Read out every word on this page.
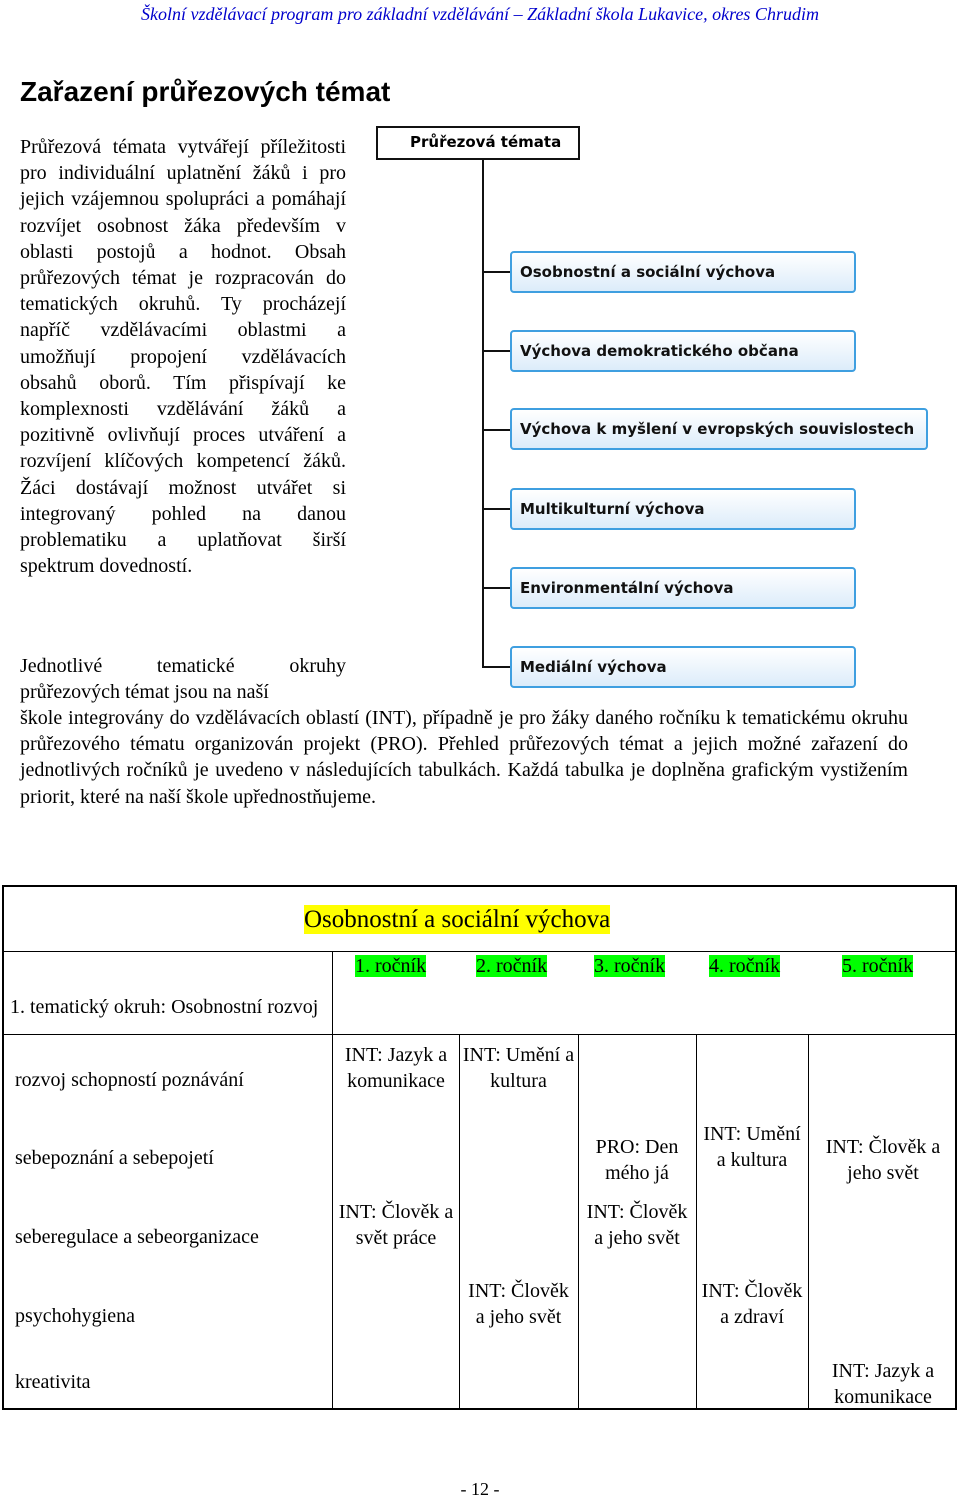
Školní vzdělávací program pro základní vzdělávání – Základní škola Lukavice, okres Chrudim
Zařazení průřezových témat
Průřezová témata vytvářejí příležitosti pro individuální uplatnění žáků i pro jejich vzájemnou spolupráci a pomáhají rozvíjet osobnost žáka především v oblasti postojů a hodnot. Obsah průřezových témat je rozpracován do tematických okruhů. Ty procházejí napříč vzdělávacími oblastmi a umožňují propojení vzdělávacích obsahů oborů. Tím přispívají ke komplexnosti vzdělávání žáků a pozitivně ovlivňují proces utváření a rozvíjení klíčových kompetencí žáků. Žáci dostávají možnost utvářet si integrovaný pohled na danou problematiku a uplatňovat širší spektrum dovedností.
Jednotlivé tematické okruhy průřezových témat jsou na naší
škole integrovány do vzdělávacích oblastí (INT), případně je pro žáky daného ročníku k tematickému okruhu průřezového tématu organizován projekt (PRO). Přehled průřezových témat a jejich možné zařazení do jednotlivých ročníků je uvedeno v následujících tabulkách. Každá tabulka je doplněna grafickým vystižením priorit, které na naší škole upřednostňujeme.
Průřezová témata
Osobnostní a sociální výchova
Výchova demokratického občana
Výchova k myšlení v evropských souvislostech
Multikulturní výchova
Environmentální výchova
Mediální výchova
Osobnostní a sociální výchova
1. ročník 2. ročník 3. ročník 4. ročník	5. ročník
1. tematický okruh: Osobnostní rozvoj
rozvoj schopností poznávání
sebepoznání a sebepojetí
seberegulace a sebeorganizace
psychohygiena
kreativita
INT: Jazyk a komunikace
INT: Člověk a svět práce
INT: Umění a kultura
INT: Člověk a jeho svět
PRO: Den mého já
INT: Člověk a jeho svět
INT: Umění a kultura
INT: Člověk a zdraví
INT: Člověk a jeho svět
INT: Jazyk a komunikace
- 12 -
